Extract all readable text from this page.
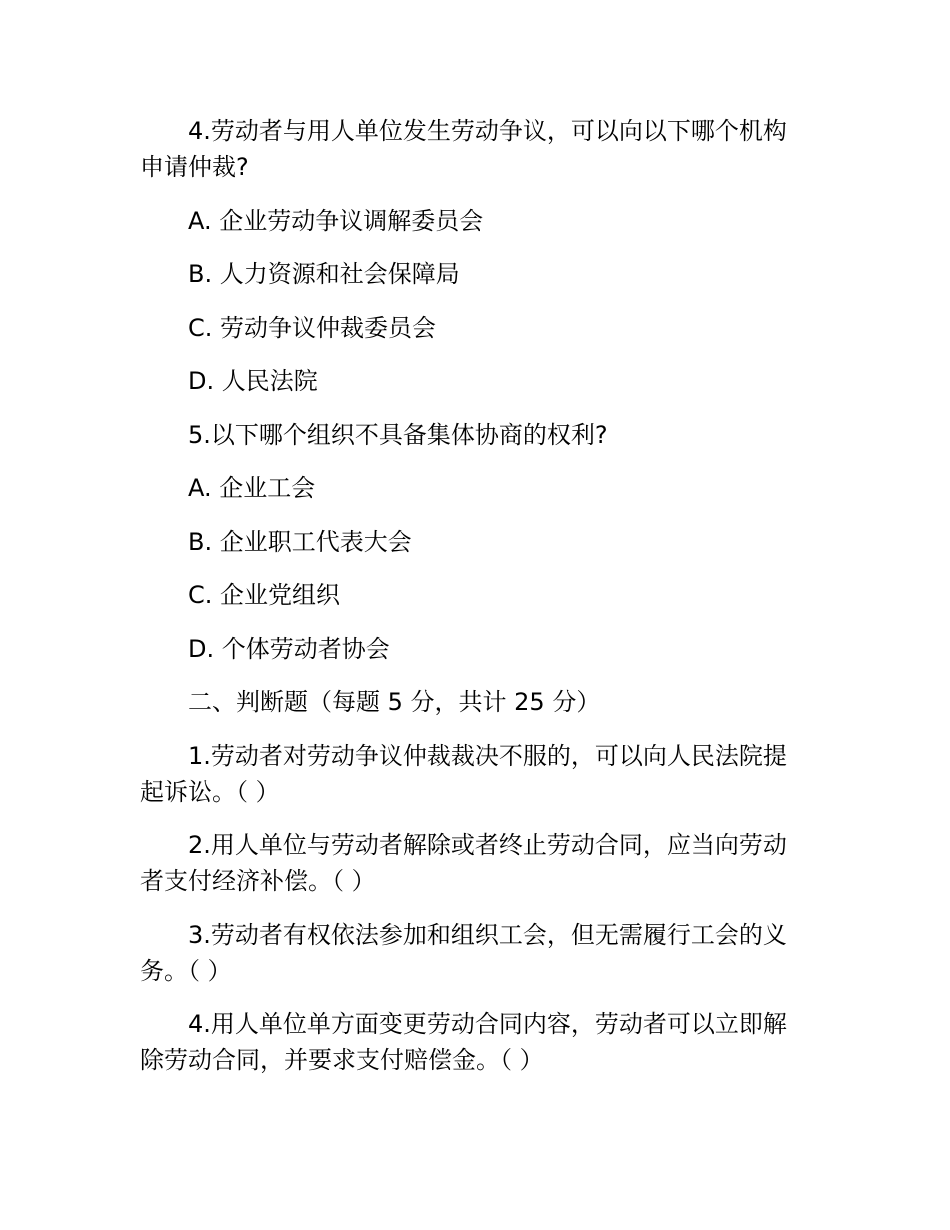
4.劳动者与用人单位发生劳动争议，可以向以下哪个机构申请仲裁?

A. 企业劳动争议调解委员会

B. 人力资源和社会保障局

C. 劳动争议仲裁委员会

D. 人民法院

5.以下哪个组织不具备集体协商的权利?

A. 企业工会

B. 企业职工代表大会

C. 企业党组织

D. 个体劳动者协会

二、判断题（每题 5 分，共计 25 分）

1.劳动者对劳动争议仲裁裁决不服的，可以向人民法院提起诉讼。（ ）

2.用人单位与劳动者解除或者终止劳动合同，应当向劳动者支付经济补偿。（ ）

3.劳动者有权依法参加和组织工会，但无需履行工会的义务。（ ）

4.用人单位单方面变更劳动合同内容，劳动者可以立即解除劳动合同，并要求支付赔偿金。（ ）
